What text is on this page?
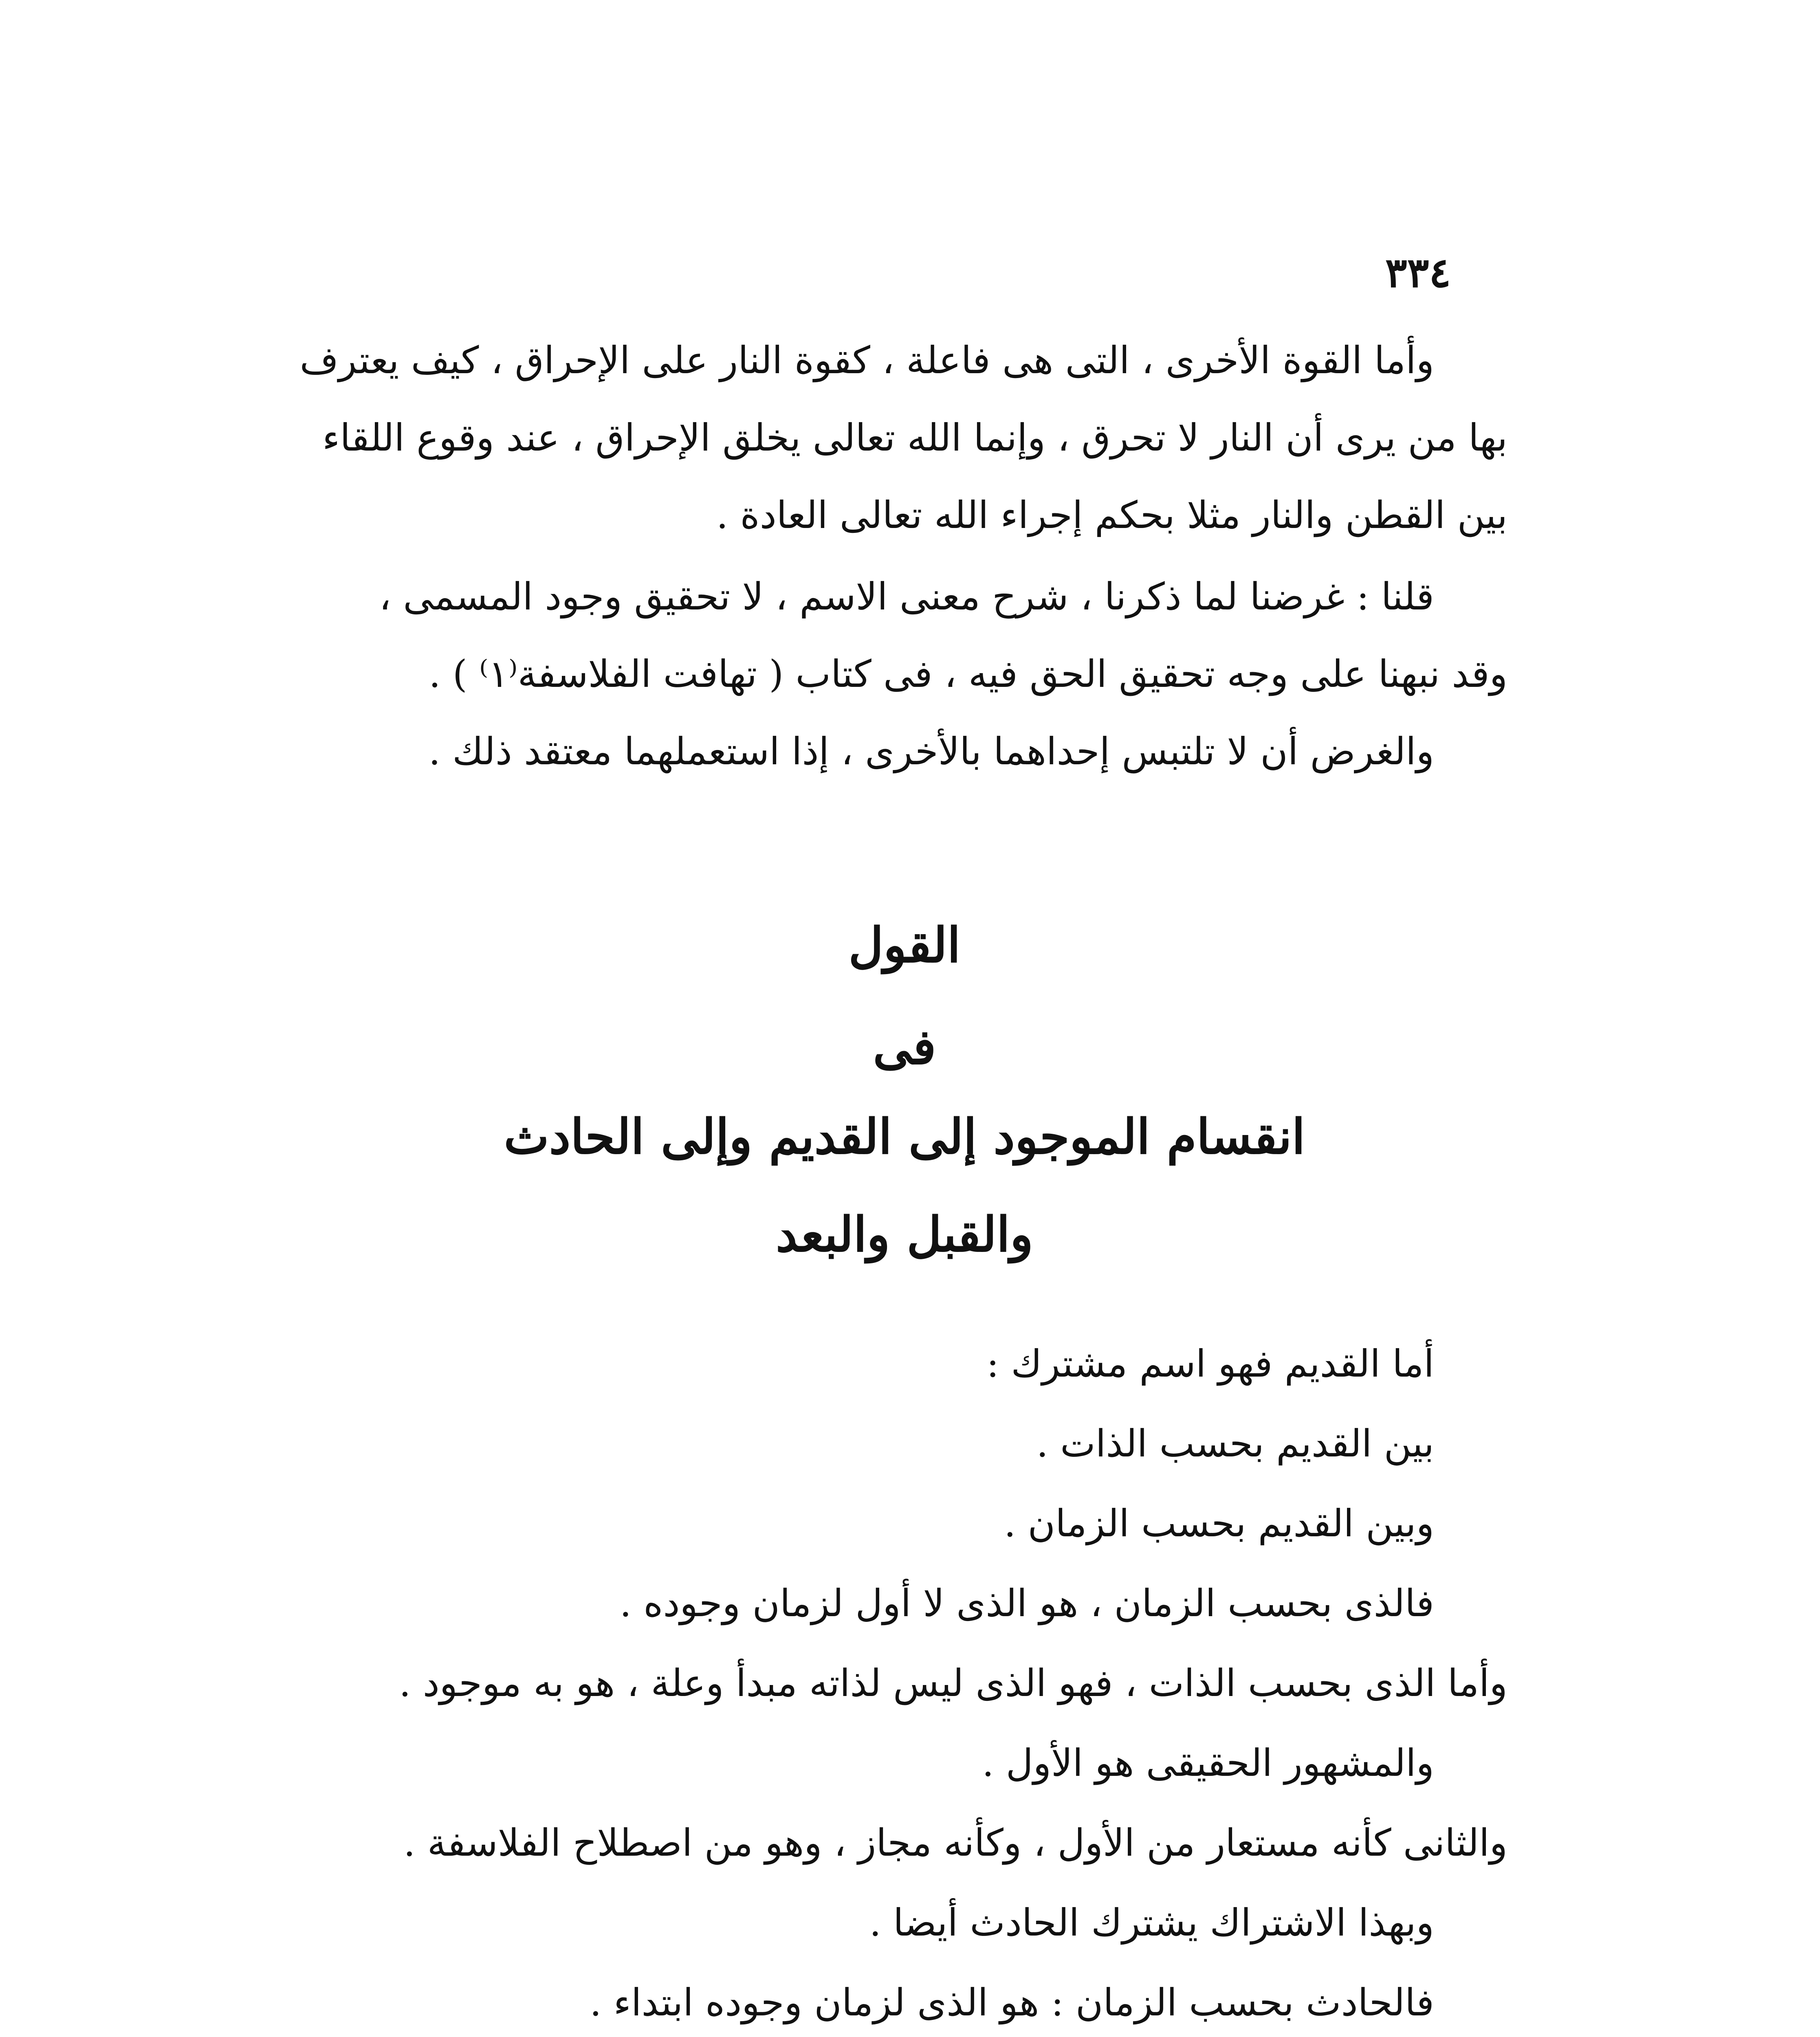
٣٣٤
وأما القوة الأخرى ، التى هى فاعلة ، كقوة النار على الإحراق ، كيف يعترف
بها من يرى أن النار لا تحرق ، وإنما الله تعالى يخلق الإحراق ، عند وقوع اللقاء
بين القطن والنار مثلا بحكم إجراء الله تعالى العادة .
قلنا : غرضنا لما ذكرنا ، شرح معنى الاسم ، لا تحقيق وجود المسمى ،
وقد نبهنا على وجه تحقيق الحق فيه ، فى كتاب ( تهافت الفلاسفة⁽١⁾ ) .
والغرض أن لا تلتبس إحداهما بالأخرى ، إذا استعملهما معتقد ذلك .
القول
فى
انقسام الموجود إلى القديم وإلى الحادث
والقبل والبعد
أما القديم فهو اسم مشترك :
بين القديم بحسب الذات .
وبين القديم بحسب الزمان .
فالذى بحسب الزمان ، هو الذى لا أول لزمان وجوده .
وأما الذى بحسب الذات ، فهو الذى ليس لذاته مبدأ وعلة ، هو به موجود .
والمشهور الحقيقى هو الأول .
والثانى كأنه مستعار من الأول ، وكأنه مجاز ، وهو من اصطلاح الفلاسفة .
وبهذا الاشتراك يشترك الحادث أيضا .
فالحادث بحسب الزمان : هو الذى لزمان وجوده ابتداء .
